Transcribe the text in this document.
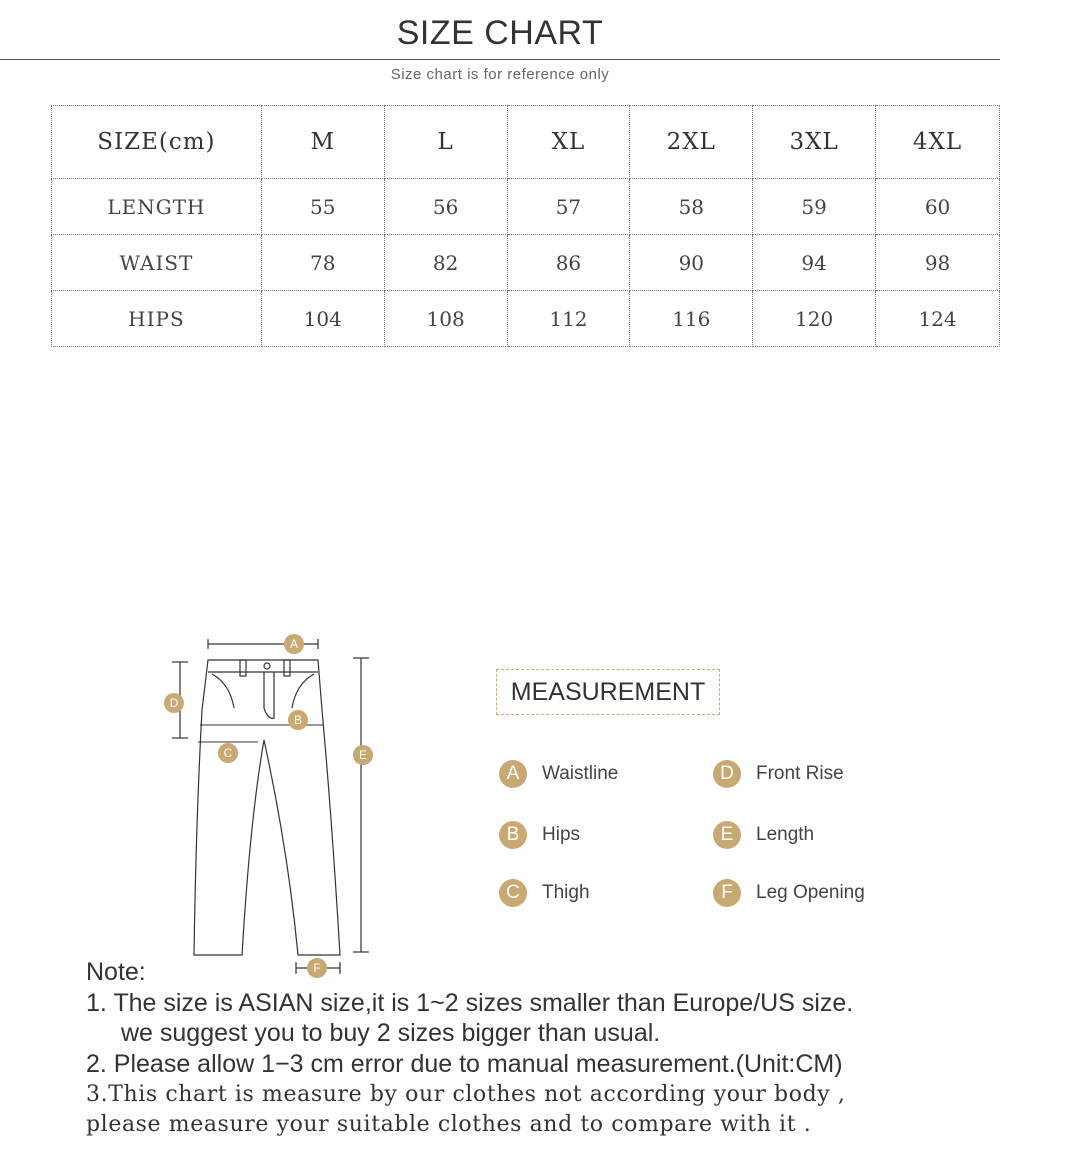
SIZE CHART
Size chart is for reference only
SIZE(cm)	M	L	XL	2XL	3XL	4XL
LENGTH	55	56	57	58	59	60
WAIST	78	82	86	90	94	98
HIPS	104	108	112	116	120	124
A
B
C
D
E
F
MEASUREMENT
A	Waistline	D	Front Rise
B	Hips	E	Length
C	Thigh	F	Leg Opening
Note:
1. The size is ASIAN size,it is 1~2 sizes smaller than Europe/US size.
we suggest you to buy 2 sizes bigger than usual.
2. Please allow 1−3 cm error due to manual measurement.(Unit:CM)
3.This chart is measure by our clothes not according your body ,
please measure your suitable clothes and to compare with it .
